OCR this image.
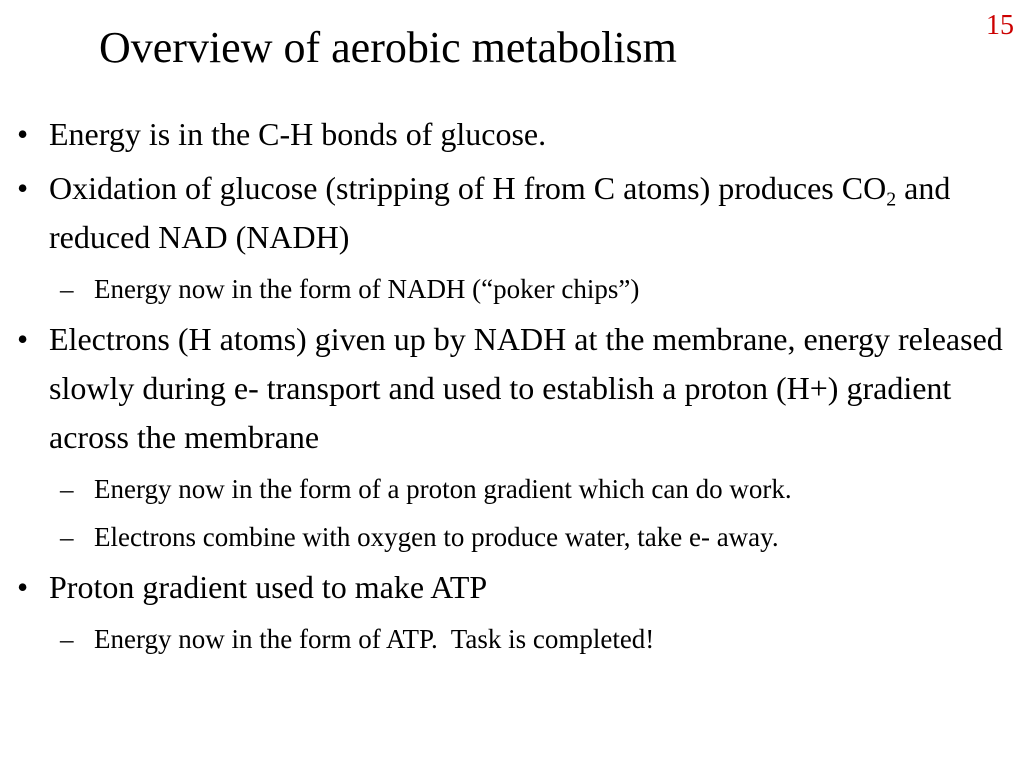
15
Overview of aerobic metabolism
• Energy is in the C-H bonds of glucose.
• Oxidation of glucose (stripping of H from C atoms) produces $CO_2$ and reduced NAD (NADH)
– Energy now in the form of NADH (“poker chips”)
• Electrons (H atoms) given up by NADH at the membrane, energy released slowly during e- transport and used to establish a proton (H+) gradient across the membrane
– Energy now in the form of a proton gradient which can do work.
– Electrons combine with oxygen to produce water, take e- away.
• Proton gradient used to make ATP
– Energy now in the form of ATP.  Task is completed!
